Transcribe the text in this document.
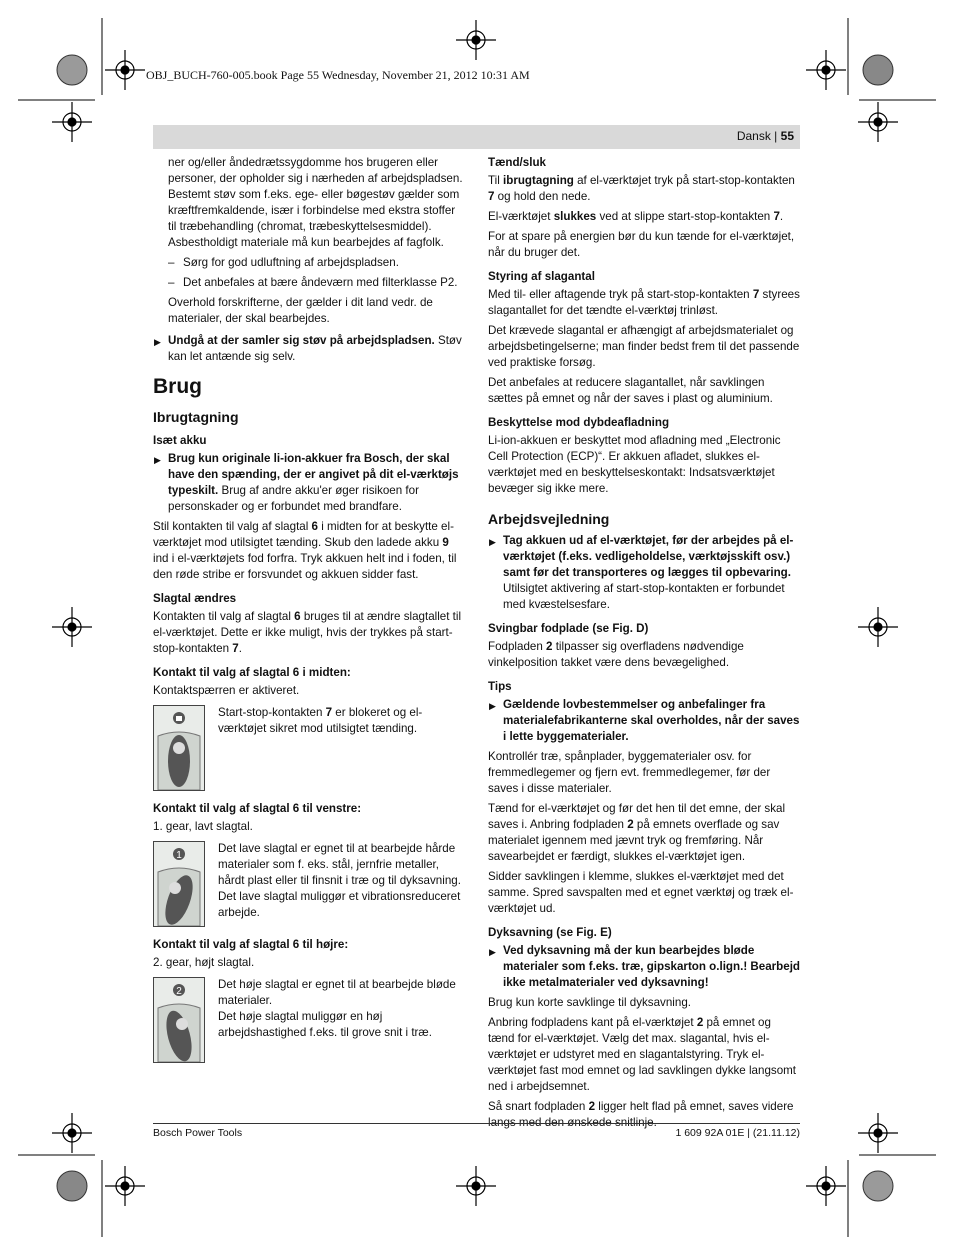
OBJ_BUCH-760-005.book Page 55 Wednesday, November 21, 2012 10:31 AM
Dansk | 55

ner og/eller åndedrætssygdomme hos brugeren eller personer, der opholder sig i nærheden af arbejdspladsen. Bestemt støv som f.eks. ege- eller bøgestøv gælder som kræftfremkaldende, især i forbindelse med ekstra stoffer til træbehandling (chromat, træbeskyttelsesmiddel). Asbestholdigt materiale må kun bearbejdes af fagfolk.

– Sørg for god udluftning af arbejdspladsen.

– Det anbefales at bære åndeværn med filterklasse P2.

Overhold forskrifterne, der gælder i dit land vedr. de materialer, der skal bearbejdes.

▶ Undgå at der samler sig støv på arbejdspladsen. Støv kan let antænde sig selv.

Brug
Ibrugtagning
Isæt akku

▶ Brug kun originale li-ion-akkuer fra Bosch, der skal have den spænding, der er angivet på dit el-værktøjs typeskilt. Brug af andre akku'er øger risikoen for personskader og er forbundet med brandfare.

Stil kontakten til valg af slagtal 6 i midten for at beskytte el-værktøjet mod utilsigtet tænding. Skub den ladede akku 9 ind i el-værktøjets fod forfra. Tryk akkuen helt ind i foden, til den røde stribe er forsvundet og akkuen sidder fast.

Slagtal ændres

Kontakten til valg af slagtal 6 bruges til at ændre slagtallet til el-værktøjet. Dette er ikke muligt, hvis der trykkes på start-stop-kontakten 7.

Kontakt til valg af slagtal 6 i midten:

Kontaktspærren er aktiveret.

Start-stop-kontakten 7 er blokeret og el-værktøjet sikret mod utilsigtet tænding.
Kontakt til valg af slagtal 6 til venstre:

1. gear, lavt slagtal.

1
Det lave slagtal er egnet til at bearbejde hårde materialer som f. eks. stål, jernfrie metaller, hårdt plast eller til finsnit i træ og til dyksavning.
Det lave slagtal muliggør et vibrationsreduceret arbejde.
Kontakt til valg af slagtal 6 til højre:

2. gear, højt slagtal.

2
Det høje slagtal er egnet til at bearbejde bløde materialer.
Det høje slagtal muliggør en høj arbejdshastighed f.eks. til grove snit i træ.
Tænd/sluk

Til ibrugtagning af el-værktøjet tryk på start-stop-kontakten 7 og hold den nede.

El-værktøjet slukkes ved at slippe start-stop-kontakten 7.

For at spare på energien bør du kun tænde for el-værktøjet, når du bruger det.

Styring af slagantal

Med til- eller aftagende tryk på start-stop-kontakten 7 styrees slagantallet for det tændte el-værktøj trinløst.

Det krævede slagantal er afhængigt af arbejdsmaterialet og arbejdsbetingelserne; man finder bedst frem til det passende ved praktiske forsøg.

Det anbefales at reducere slagantallet, når savklingen sættes på emnet og når der saves i plast og aluminium.

Beskyttelse mod dybdeafladning

Li-ion-akkuen er beskyttet mod afladning med „Electronic Cell Protection (ECP)“. Er akkuen afladet, slukkes el-værktøjet med en beskyttelseskontakt: Indsatsværktøjet bevæger sig ikke mere.

Arbejdsvejledning

▶ Tag akkuen ud af el-værktøjet, før der arbejdes på el-værktøjet (f.eks. vedligeholdelse, værktøjsskift osv.) samt før det transporteres og lægges til opbevaring. Utilsigtet aktivering af start-stop-kontakten er forbundet med kvæstelsesfare.

Svingbar fodplade (se Fig. D)

Fodpladen 2 tilpasser sig overfladens nødvendige vinkelposition takket være dens bevægelighed.

Tips

▶ Gældende lovbestemmelser og anbefalinger fra materialefabrikanterne skal overholdes, når der saves i lette byggematerialer.

Kontrollér træ, spånplader, byggematerialer osv. for fremmedlegemer og fjern evt. fremmedlegemer, før der saves i disse materialer.

Tænd for el-værktøjet og før det hen til det emne, der skal saves i. Anbring fodpladen 2 på emnets overflade og sav materialet igennem med jævnt tryk og fremføring. Når savearbejdet er færdigt, slukkes el-værktøjet igen.

Sidder savklingen i klemme, slukkes el-værktøjet med det samme. Spred savspalten med et egnet værktøj og træk el-værktøjet ud.

Dyksavning (se Fig. E)

▶ Ved dyksavning må der kun bearbejdes bløde materialer som f.eks. træ, gipskarton o.lign.! Bearbejd ikke metalmaterialer ved dyksavning!

Brug kun korte savklinge til dyksavning.

Anbring fodpladens kant på el-værktøjet 2 på emnet og tænd for el-værktøjet. Vælg det max. slagantal, hvis el-værktøjet er udstyret med en slagantalstyring. Tryk el-værktøjet fast mod emnet og lad savklingen dykke langsomt ned i arbejdsemnet.

Så snart fodpladen 2 ligger helt flad på emnet, saves videre langs med den ønskede snitlinje.

Bosch Power Tools	1 609 92A 01E | (21.11.12)
